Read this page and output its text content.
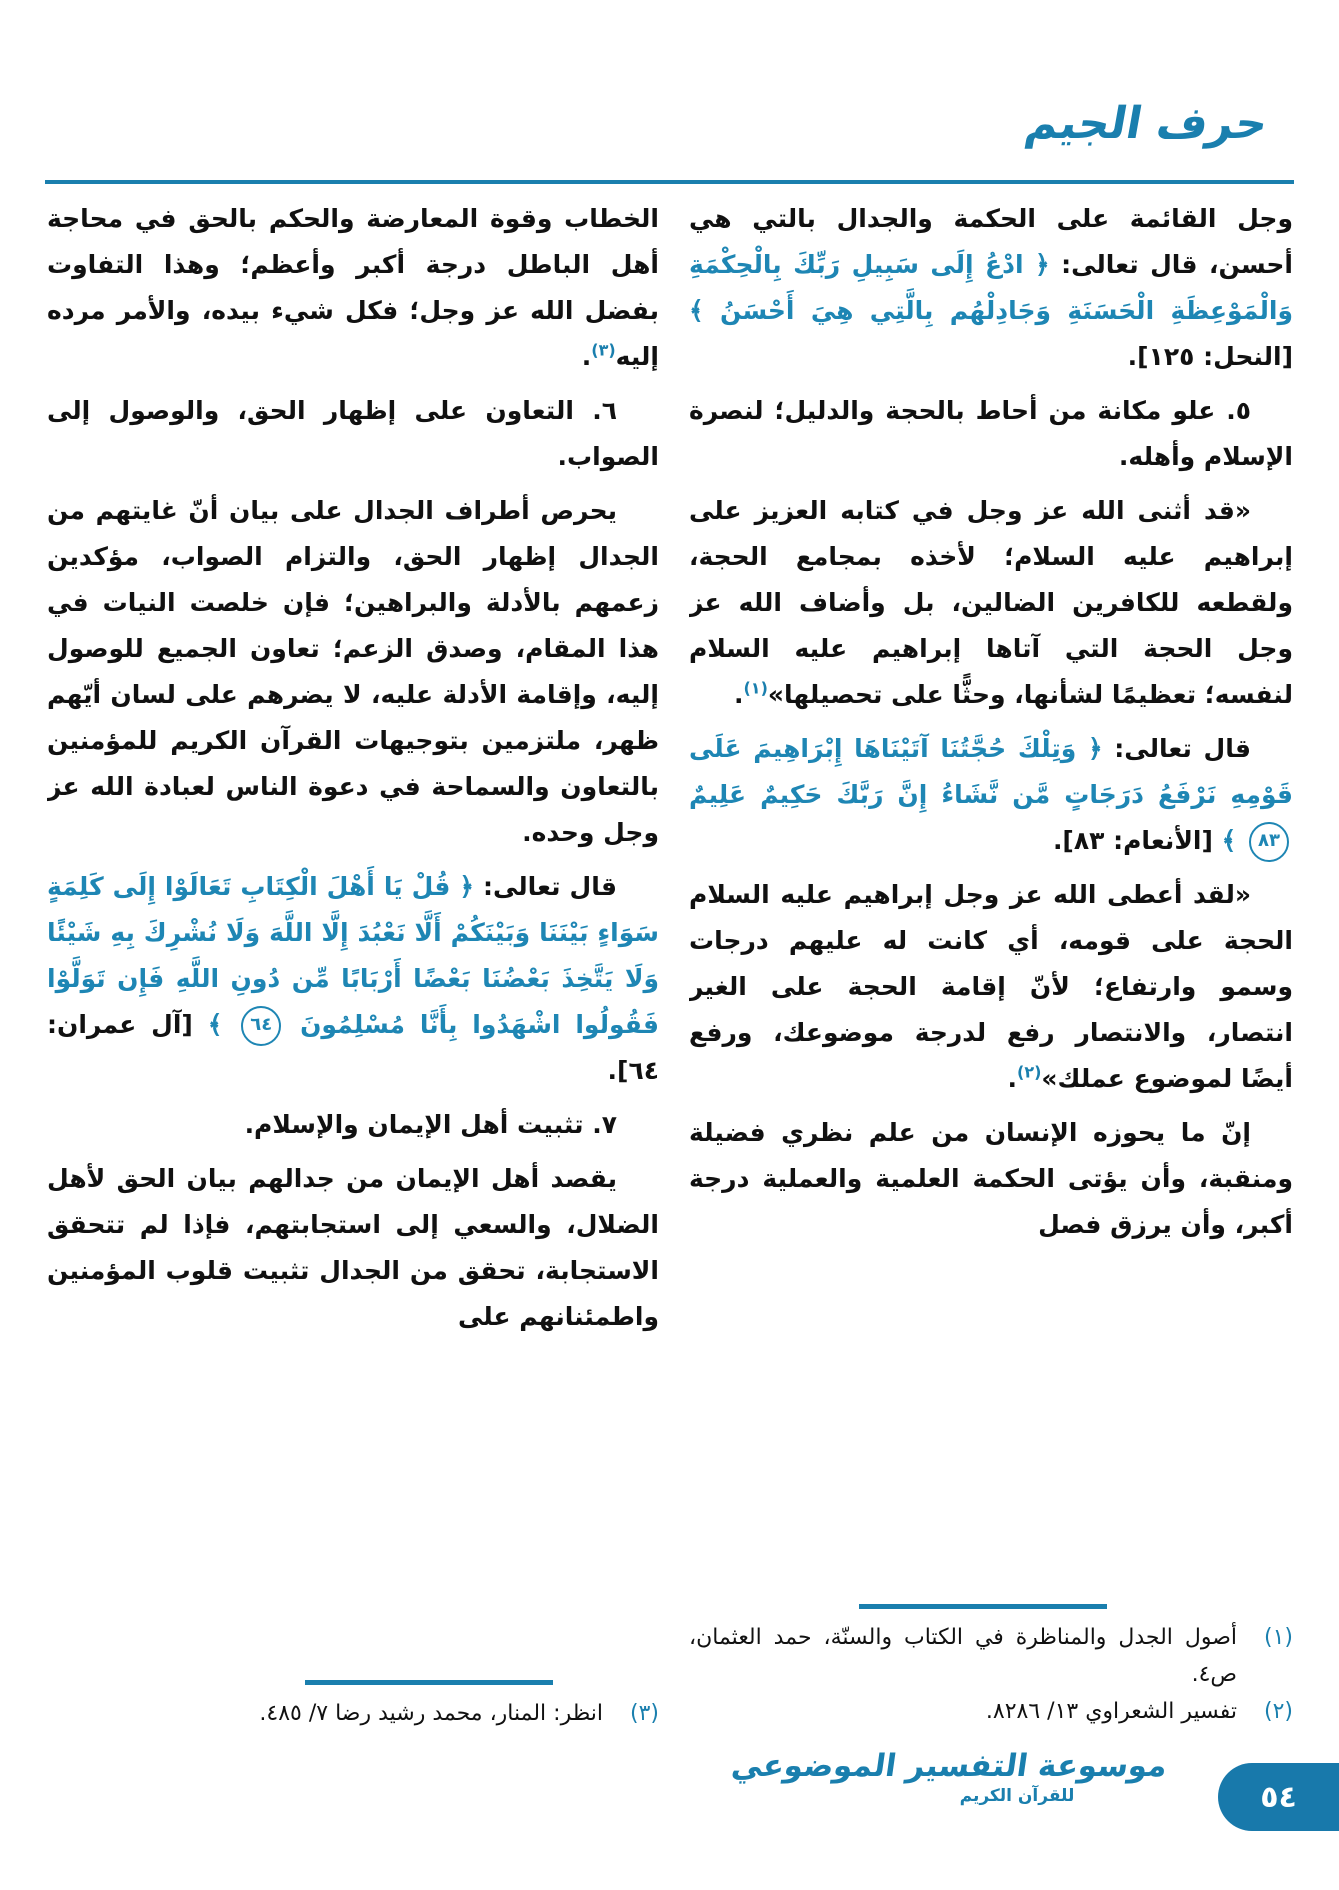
حرف الجيم

وجل القائمة على الحكمة والجدال بالتي هي أحسن، قال تعالى: ﴿ ادْعُ إِلَى سَبِيلِ رَبِّكَ بِالْحِكْمَةِ وَالْمَوْعِظَةِ الْحَسَنَةِ وَجَادِلْهُم بِالَّتِي هِيَ أَحْسَنُ ﴾ [النحل: ١٢٥].

٥. علو مكانة من أحاط بالحجة والدليل؛ لنصرة الإسلام وأهله.

«قد أثنى الله عز وجل في كتابه العزيز على إبراهيم عليه السلام؛ لأخذه بمجامع الحجة، ولقطعه للكافرين الضالين، بل وأضاف الله عز وجل الحجة التي آتاها إبراهيم عليه السلام لنفسه؛ تعظيمًا لشأنها، وحثًّا على تحصيلها»$^{(١)}$.

قال تعالى: ﴿ وَتِلْكَ حُجَّتُنَا آتَيْنَاهَا إِبْرَاهِيمَ عَلَى قَوْمِهِ نَرْفَعُ دَرَجَاتٍ مَّن نَّشَاءُ إِنَّ رَبَّكَ حَكِيمٌ عَلِيمٌ ٨٣ ﴾ [الأنعام: ٨٣].

«لقد أعطى الله عز وجل إبراهيم عليه السلام الحجة على قومه، أي كانت له عليهم درجات وسمو وارتفاع؛ لأنّ إقامة الحجة على الغير انتصار، والانتصار رفع لدرجة موضوعك، ورفع أيضًا لموضوع عملك»$^{(٢)}$.

إنّ ما يحوزه الإنسان من علم نظري فضيلة ومنقبة، وأن يؤتى الحكمة العلمية والعملية درجة أكبر، وأن يرزق فصل

الخطاب وقوة المعارضة والحكم بالحق في محاجة أهل الباطل درجة أكبر وأعظم؛ وهذا التفاوت بفضل الله عز وجل؛ فكل شيء بيده، والأمر مرده إليه$^{(٣)}$.

٦. التعاون على إظهار الحق، والوصول إلى الصواب.

يحرص أطراف الجدال على بيان أنّ غايتهم من الجدال إظهار الحق، والتزام الصواب، مؤكدين زعمهم بالأدلة والبراهين؛ فإن خلصت النيات في هذا المقام، وصدق الزعم؛ تعاون الجميع للوصول إليه، وإقامة الأدلة عليه، لا يضرهم على لسان أيّهم ظهر، ملتزمين بتوجيهات القرآن الكريم للمؤمنين بالتعاون والسماحة في دعوة الناس لعبادة الله عز وجل وحده.

قال تعالى: ﴿ قُلْ يَا أَهْلَ الْكِتَابِ تَعَالَوْا إِلَى كَلِمَةٍ سَوَاءٍ بَيْنَنَا وَبَيْنَكُمْ أَلَّا نَعْبُدَ إِلَّا اللَّهَ وَلَا نُشْرِكَ بِهِ شَيْئًا وَلَا يَتَّخِذَ بَعْضُنَا بَعْضًا أَرْبَابًا مِّن دُونِ اللَّهِ فَإِن تَوَلَّوْا فَقُولُوا اشْهَدُوا بِأَنَّا مُسْلِمُونَ ٦٤ ﴾ [آل عمران: ٦٤].

٧. تثبيت أهل الإيمان والإسلام.

يقصد أهل الإيمان من جدالهم بيان الحق لأهل الضلال، والسعي إلى استجابتهم، فإذا لم تتحقق الاستجابة، تحقق من الجدال تثبيت قلوب المؤمنين واطمئنانهم على

(١)
أصول الجدل والمناظرة في الكتاب والسنّة، حمد العثمان، ص٤.
(٢)
تفسير الشعراوي ١٣/ ٨٢٨٦.
(٣)
انظر: المنار، محمد رشيد رضا ٧/ ٤٨٥.
موسوعة التفسير الموضوعي
للقرآن الكريم	٥٤
